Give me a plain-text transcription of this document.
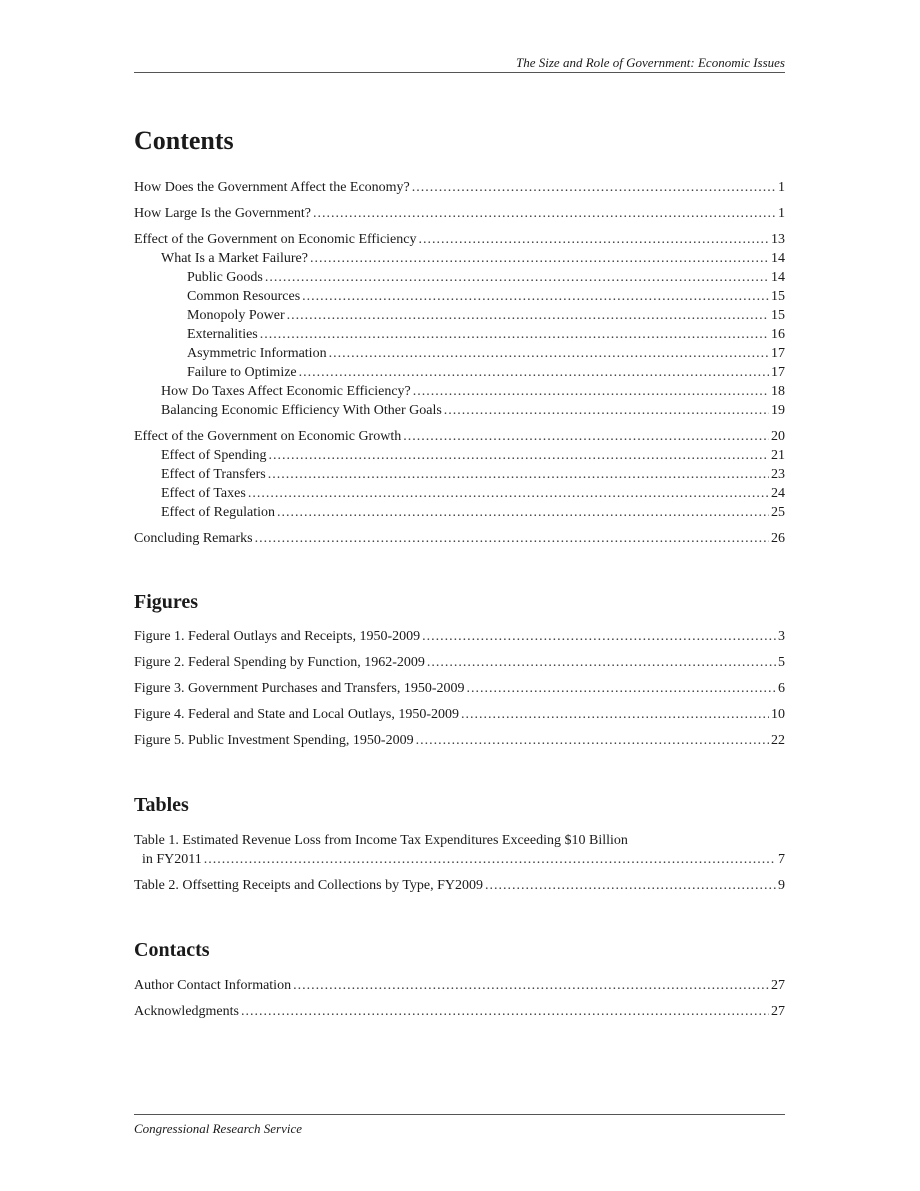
The Size and Role of Government: Economic Issues
Contents
How Does the Government Affect the Economy? .....	1
How Large Is the Government? .....	1
Effect of the Government on Economic Efficiency .....	13
What Is a Market Failure? .....	14
Public Goods .....	14
Common Resources .....	15
Monopoly Power .....	15
Externalities .....	16
Asymmetric Information .....	17
Failure to Optimize .....	17
How Do Taxes Affect Economic Efficiency? .....	18
Balancing Economic Efficiency With Other Goals .....	19
Effect of the Government on Economic Growth .....	20
Effect of Spending .....	21
Effect of Transfers .....	23
Effect of Taxes .....	24
Effect of Regulation .....	25
Concluding Remarks .....	26
Figures
Figure 1. Federal Outlays and Receipts, 1950-2009 .....	3
Figure 2. Federal Spending by Function, 1962-2009 .....	5
Figure 3. Government Purchases and Transfers, 1950-2009 .....	6
Figure 4. Federal and State and Local Outlays, 1950-2009 .....	10
Figure 5. Public Investment Spending, 1950-2009 .....	22
Tables
Table 1. Estimated Revenue Loss from Income Tax Expenditures Exceeding $10 Billion
in FY2011 .....	7
Table 2. Offsetting Receipts and Collections by Type, FY2009 .....	9
Contacts
Author Contact Information .....	27
Acknowledgments .....	27
Congressional Research Service
